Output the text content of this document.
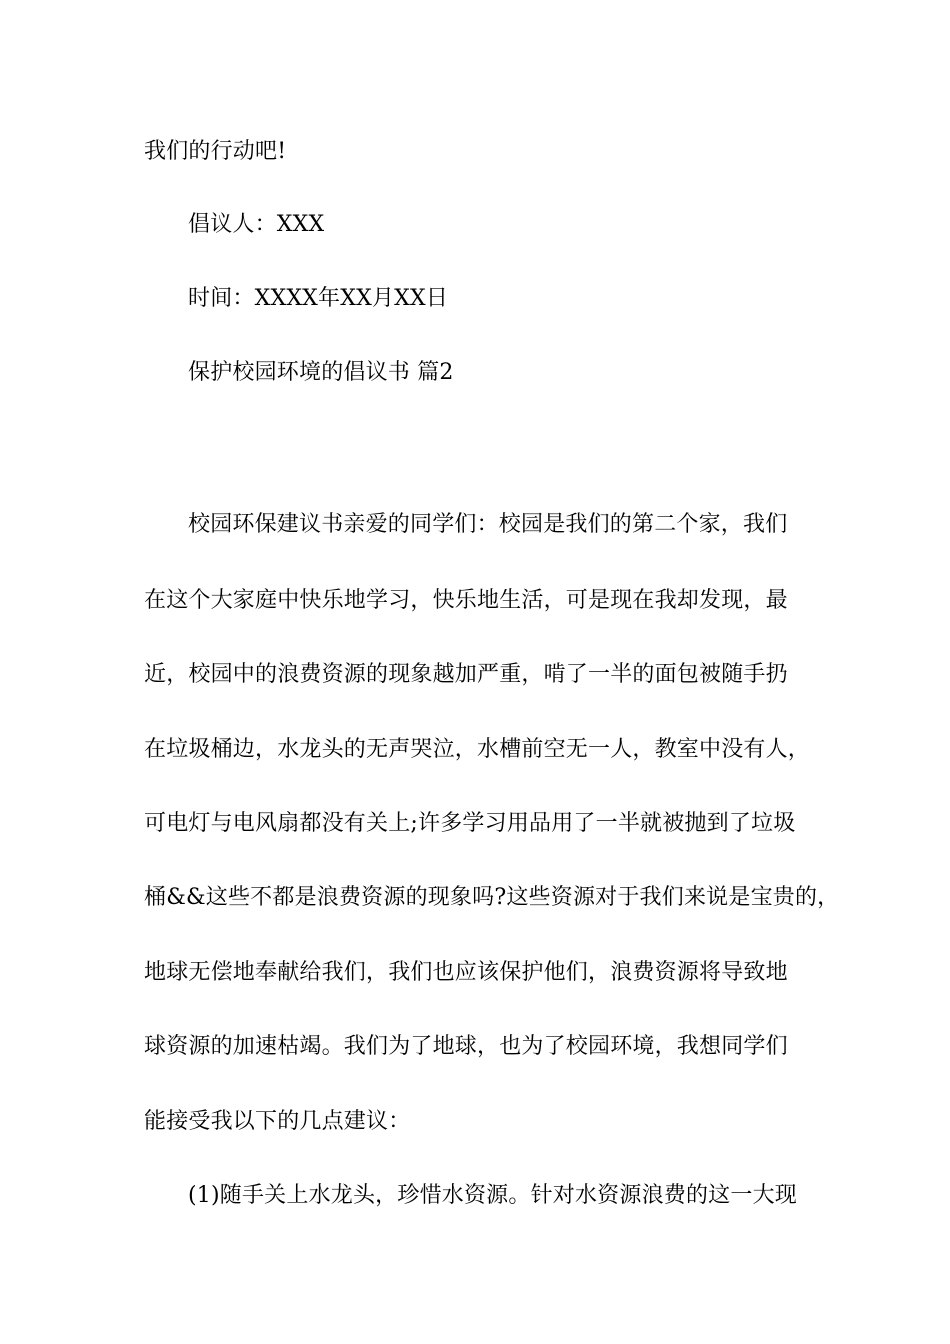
我们的行动吧!
倡议人：XXX
时间：XXXX年XX月XX日
保护校园环境的倡议书 篇2
校园环保建议书亲爱的同学们：校园是我们的第二个家，我们
在这个大家庭中快乐地学习，快乐地生活，可是现在我却发现，最
近，校园中的浪费资源的现象越加严重，啃了一半的面包被随手扔
在垃圾桶边，水龙头的无声哭泣，水槽前空无一人，教室中没有人，
可电灯与电风扇都没有关上;许多学习用品用了一半就被抛到了垃圾
桶&&这些不都是浪费资源的现象吗?这些资源对于我们来说是宝贵的，
地球无偿地奉献给我们，我们也应该保护他们，浪费资源将导致地
球资源的加速枯竭。我们为了地球，也为了校园环境，我想同学们
能接受我以下的几点建议：
(1)随手关上水龙头，珍惜水资源。针对水资源浪费的这一大现
